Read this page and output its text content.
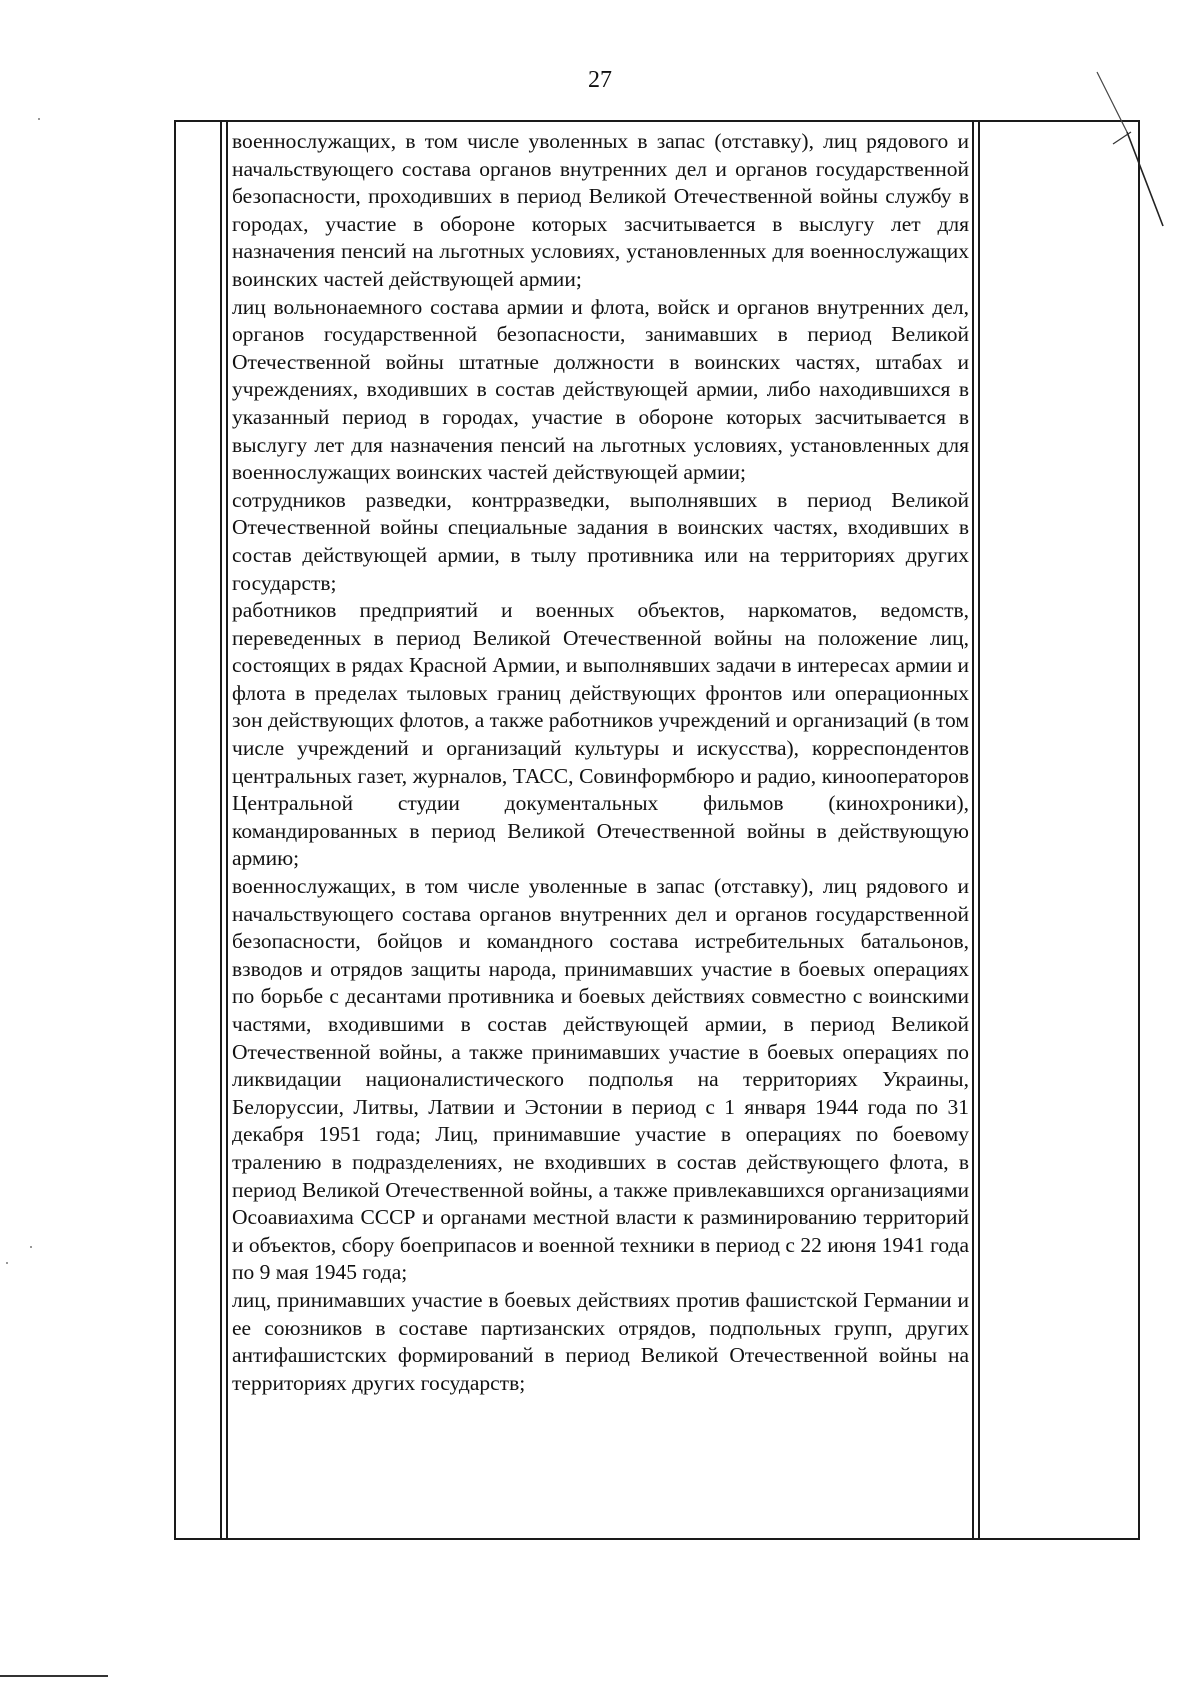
27

военнослужащих, в том числе уволенных в запас (отставку), лиц рядового и начальствующего состава органов внутренних дел и органов государственной безопасности, проходивших в период Великой Отечественной войны службу в городах, участие в обороне которых засчитывается в выслугу лет для назначения пенсий на льготных условиях, установленных для военнослужащих воинских частей действующей армии;

лиц вольнонаемного состава армии и флота, войск и органов внутренних дел, органов государственной безопасности, занимавших в период Великой Отечественной войны штатные должности в воинских частях, штабах и учреждениях, входивших в состав действующей армии, либо находившихся в указанный период в городах, участие в обороне которых засчитывается в выслугу лет для назначения пенсий на льготных условиях, установленных для военнослужащих воинских частей действующей армии;

сотрудников разведки, контрразведки, выполнявших в период Великой Отечественной войны специальные задания в воинских частях, входивших в состав действующей армии, в тылу противника или на территориях других государств;

работников предприятий и военных объектов, наркоматов, ведомств, переведенных в период Великой Отечественной войны на положение лиц, состоящих в рядах Красной Армии, и выполнявших задачи в интересах армии и флота в пределах тыловых границ действующих фронтов или операционных зон действующих флотов, а также работников учреждений и организаций (в том числе учреждений и организаций культуры и искусства), корреспондентов центральных газет, журналов, ТАСС, Совинформбюро и радио, кинооператоров Центральной студии документальных фильмов (кинохроники), командированных в период Великой Отечественной войны в действующую армию;

военнослужащих, в том числе уволенные в запас (отставку), лиц рядового и начальствующего состава органов внутренних дел и органов государственной безопасности, бойцов и командного состава истребительных батальонов, взводов и отрядов защиты народа, принимавших участие в боевых операциях по борьбе с десантами противника и боевых действиях совместно с воинскими частями, входившими в состав действующей армии, в период Великой Отечественной войны, а также принимавших участие в боевых операциях по ликвидации националистического подполья на территориях Украины, Белоруссии, Литвы, Латвии и Эстонии в период с 1 января 1944 года по 31 декабря 1951 года; Лиц, принимавшие участие в операциях по боевому тралению в подразделениях, не входивших в состав действующего флота, в период Великой Отечественной войны, а также привлекавшихся организациями Осоавиахима СССР и органами местной власти к разминированию территорий и объектов, сбору боеприпасов и военной техники в период с 22 июня 1941 года по 9 мая 1945 года;

лиц, принимавших участие в боевых действиях против фашистской Германии и ее союзников в составе партизанских отрядов, подпольных групп, других антифашистских формирований в период Великой Отечественной войны на территориях других государств;
